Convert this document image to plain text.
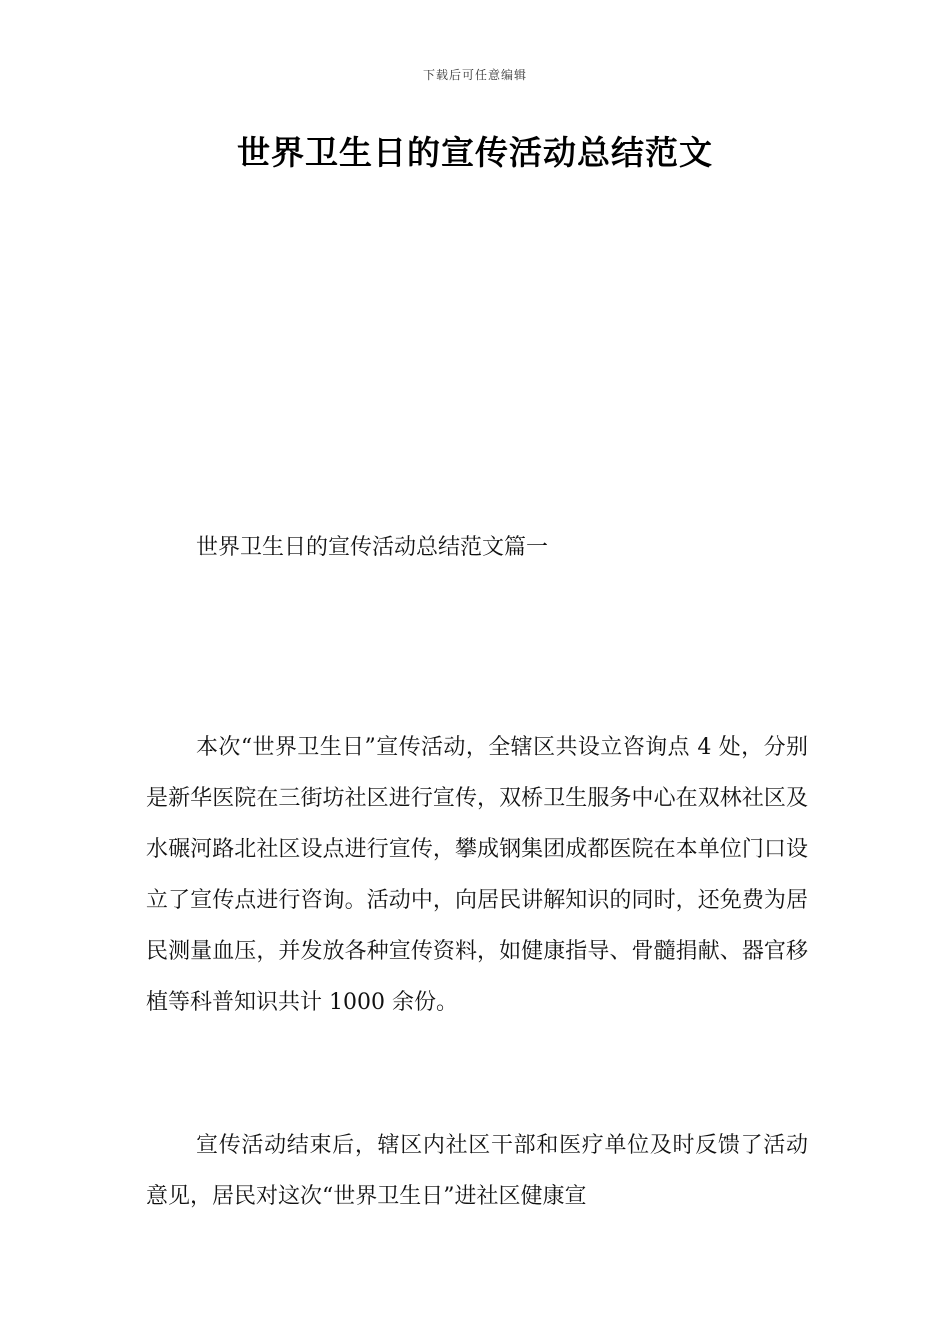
下载后可任意编辑
世界卫生日的宣传活动总结范文

世界卫生日的宣传活动总结范文篇一

本次“世界卫生日”宣传活动，全辖区共设立咨询点 4 处，分别是新华医院在三街坊社区进行宣传，双桥卫生服务中心在双林社区及水碾河路北社区设点进行宣传，攀成钢集团成都医院在本单位门口设立了宣传点进行咨询。活动中，向居民讲解知识的同时，还免费为居民测量血压，并发放各种宣传资料，如健康指导、骨髓捐献、器官移植等科普知识共计 1000 余份。

宣传活动结束后，辖区内社区干部和医疗单位及时反馈了活动意见，居民对这次“世界卫生日”进社区健康宣
